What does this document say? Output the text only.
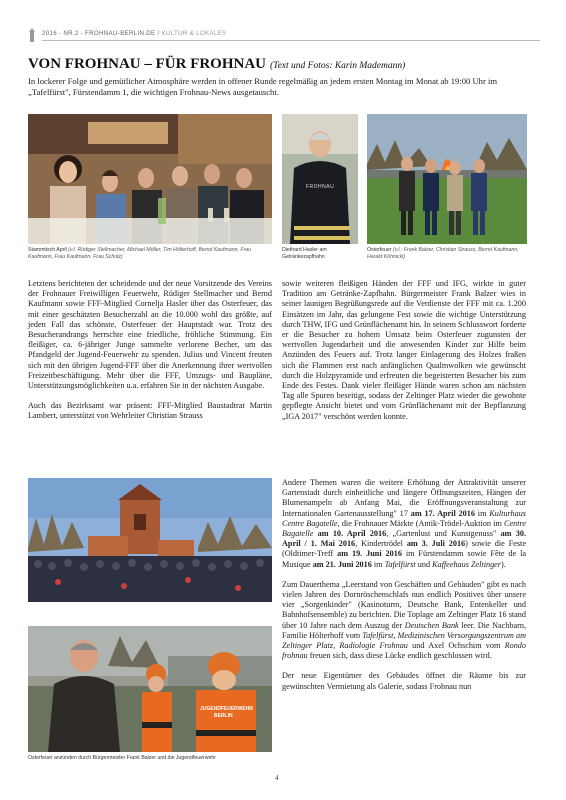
2016 - NR.2 - FROHNAU-BERLIN.DE / KULTUR & LOKALES
VON FROHNAU – FÜR FROHNAU (Text und Fotos: Karin Mademann)
In lockerer Folge und gemütlicher Atmosphäre werden in offener Runde regelmäßig an jedem ersten Montag im Monat ab 19:00 Uhr im „Tafelfürst", Fürstendamm 1, die wichtigen Frohnau-News ausgetauscht.
FROHNAU
Stammtisch April (v.l. Rüdiger Stellmacher, Michael Möller, Tim Hölterhoff, Bernd Kaufmann, Frau Kaufmann, Frau Kaufmann, Frau Scholz)
Diethard Hasler am Getränkezapfhahn
Osterfeuer (v.l.: Frank Balzer, Christian Strauss, Bernd Kaufmann, Harald Köhnicki)

Letztens berichteten der scheidende und der neue Vorsitzende des Vereins der Frohnauer Freiwilligen Feuerwehr, Rüdiger Stellmacher und Bernd Kaufmann sowie FFF-Mitglied Cornelja Hasler über das Osterfeuer, das mit einer geschätzten Besucherzahl an die 10.000 wohl das größte, auf jeden Fall das schönste, Osterfeuer der Hauptstadt war. Trotz des Besucherandrangs herrschte eine friedliche, fröhliche Stimmung. Ein fleißiger, ca. 6-jähriger Junge sammelte verlorene Becher, um das Pfandgeld der Jugend-Feuerwehr zu spenden. Julius und Vincent freuten sich mit den übrigen Jugend-FFF über die Anerkennung ihrer wertvollen Freizeitbeschäftigung. Mehr über die FFF, Umzugs- und Baupläne, Unterstützungsmöglichkeiten u.a. erfahren Sie in der nächsten Ausgabe.

Auch das Bezirksamt war präsent: FFF-Mitglied Baustadtrat Martin Lambert, unterstützt von Wehrleiter Christian Strauss

sowie weiteren fleißigen Händen der FFF und IFG, wirkte in guter Tradition am Getränke-Zapfhahn. Bürgermeister Frank Balzer wies in seiner launigen Begrüßungsrede auf die Verdienste der FFF mit ca. 1.200 Einsätzen im Jahr, das gelungene Fest sowie die wichtige Unterstützung durch THW, IFG und Grünflächenamt hin. In seinem Schlusswort forderte er die Besucher zu hohem Umsatz beim Osterfeuer zugunsten der wertvollen Jugendarbeit und die anwesenden Kinder zur Hilfe beim Anzünden des Feuers auf. Trotz langer Einlagerung des Holzes fraßen sich die Flammen erst nach anfänglichen Qualmwolken wie gewünscht durch die Holzpyramide und erfreuten die begeisterten Besucher bis zum Ende des Festes. Dank vieler fleißiger Hände waren schon am nächsten Tag alle Spuren beseitigt, sodass der Zeltinger Platz wieder die gewohnte gepflegte Ansicht bietet und vom Grünflächenamt mit der Bepflanzung „IGA 2017" verschönt werden konnte.

JUGENDFEUERWEHR
BERLIN
Osterfeuer anzünden durch Bürgermeister Frank Balzer und die Jugendfeuerwehr

Andere Themen waren die weitere Erhöhung der Attraktivität unserer Gartenstadt durch einheitliche und längere Öffnungszeiten, Hängen der Blumenampeln ab Anfang Mai, die Eröffnungsveranstaltung zur Internationalen Gartenausstellung" 17 am 17. April 2016 im Kulturhaus Centre Bagatelle, die Frohnauer Märkte (Antik-Trödel-Auktion im Centre Bagatelle am 10. April 2016, „Gartenlust und Kunstgenuss" am 30. April / 1. Mai 2016, Kindertrödel am 3. Juli 2016) sowie die Feste (Oldtimer-Treff am 19. Juni 2016 im Fürstendamm sowie Fête de la Musique am 21. Juni 2016 im Tafelfürst und Kaffeehaus Zeltinger).

Zum Dauerthema „Leerstand von Geschäften und Gebäuden" gibt es nach vielen Jahren des Dornröschenschlafs nun endlich Positives über unsere vier „Sorgenkinder" (Kasinoturm, Deutsche Bank, Entenkeller und Bahnhofsensemble) zu berichten. Die Toplage am Zeltinger Platz 16 stand über 10 Jahre nach dem Auszug der Deutschen Bank leer. Die Nachbarn, Familie Hölterhoff vom Tafelfürst, Medizinischen Versorgungszentrum am Zeltinger Platz, Radiologie Frohnau und Axel Ochschim vom Rondo frohnau freuen sich, dass diese Lücke endlich geschlossen wird.

Der neue Eigentümer des Gebäudes öffnet die Räume bis zur gewünschten Vermietung als Galerie, sodass Frohnau nun

4
